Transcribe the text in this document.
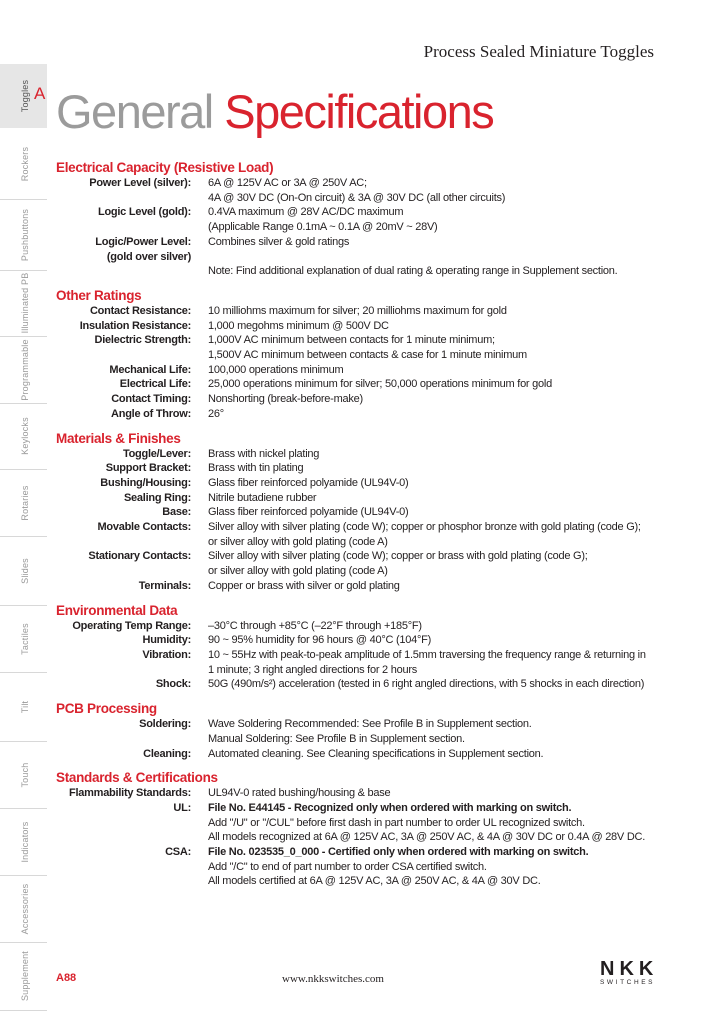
Process Sealed Miniature Toggles
Toggles
Rockers
Pushbuttons
Illuminated PB
Programmable
Keylocks
Rotaries
Slides
Tactiles
Tilt
Touch
Indicators
Accessories
Supplement
A General Specifications
Electrical Capacity (Resistive Load)
Power Level (silver): 6A @ 125V AC or 3A @ 250V AC;
4A @ 30V DC (On-On circuit) & 3A @ 30V DC (all other circuits)
Logic Level (gold): 0.4VA maximum @ 28V AC/DC maximum
(Applicable Range 0.1mA ~ 0.1A @ 20mV ~ 28V)
Logic/Power Level: Combines silver & gold ratings
(gold over silver)
Note: Find additional explanation of dual rating & operating range in Supplement section.
Other Ratings
Contact Resistance: 10 milliohms maximum for silver; 20 milliohms maximum for gold
Insulation Resistance: 1,000 megohms minimum @ 500V DC
Dielectric Strength: 1,000V AC minimum between contacts for 1 minute minimum;
1,500V AC minimum between contacts & case for 1 minute minimum
Mechanical Life: 100,000 operations minimum
Electrical Life: 25,000 operations minimum for silver; 50,000 operations minimum for gold
Contact Timing: Nonshorting (break-before-make)
Angle of Throw: 26°
Materials & Finishes
Toggle/Lever: Brass with nickel plating
Support Bracket: Brass with tin plating
Bushing/Housing: Glass fiber reinforced polyamide (UL94V-0)
Sealing Ring: Nitrile butadiene rubber
Base: Glass fiber reinforced polyamide (UL94V-0)
Movable Contacts: Silver alloy with silver plating (code W); copper or phosphor bronze with gold plating (code G);
or silver alloy with gold plating (code A)
Stationary Contacts: Silver alloy with silver plating (code W); copper or brass with gold plating (code G);
or silver alloy with gold plating (code A)
Terminals: Copper or brass with silver or gold plating
Environmental Data
Operating Temp Range: –30°C through +85°C (–22°F through +185°F)
Humidity: 90 ~ 95% humidity for 96 hours @ 40°C (104°F)
Vibration: 10 ~ 55Hz with peak-to-peak amplitude of 1.5mm traversing the frequency range & returning in
1 minute; 3 right angled directions for 2 hours
Shock: 50G (490m/s²) acceleration (tested in 6 right angled directions, with 5 shocks in each direction)
PCB Processing
Soldering: Wave Soldering Recommended: See Profile B in Supplement section.
Manual Soldering: See Profile B in Supplement section.
Cleaning: Automated cleaning. See Cleaning specifications in Supplement section.
Standards & Certifications
Flammability Standards: UL94V-0 rated bushing/housing & base
UL: File No. E44145 - Recognized only when ordered with marking on switch.
Add "/U" or "/CUL" before first dash in part number to order UL recognized switch.
All models recognized at 6A @ 125V AC, 3A @ 250V AC, & 4A @ 30V DC or 0.4A @ 28V DC.
CSA: File No. 023535_0_000 - Certified only when ordered with marking on switch.
Add "/C" to end of part number to order CSA certified switch.
All models certified at 6A @ 125V AC, 3A @ 250V AC, & 4A @ 30V DC.
A88	www.nkkswitches.com	NKK
SWITCHES
